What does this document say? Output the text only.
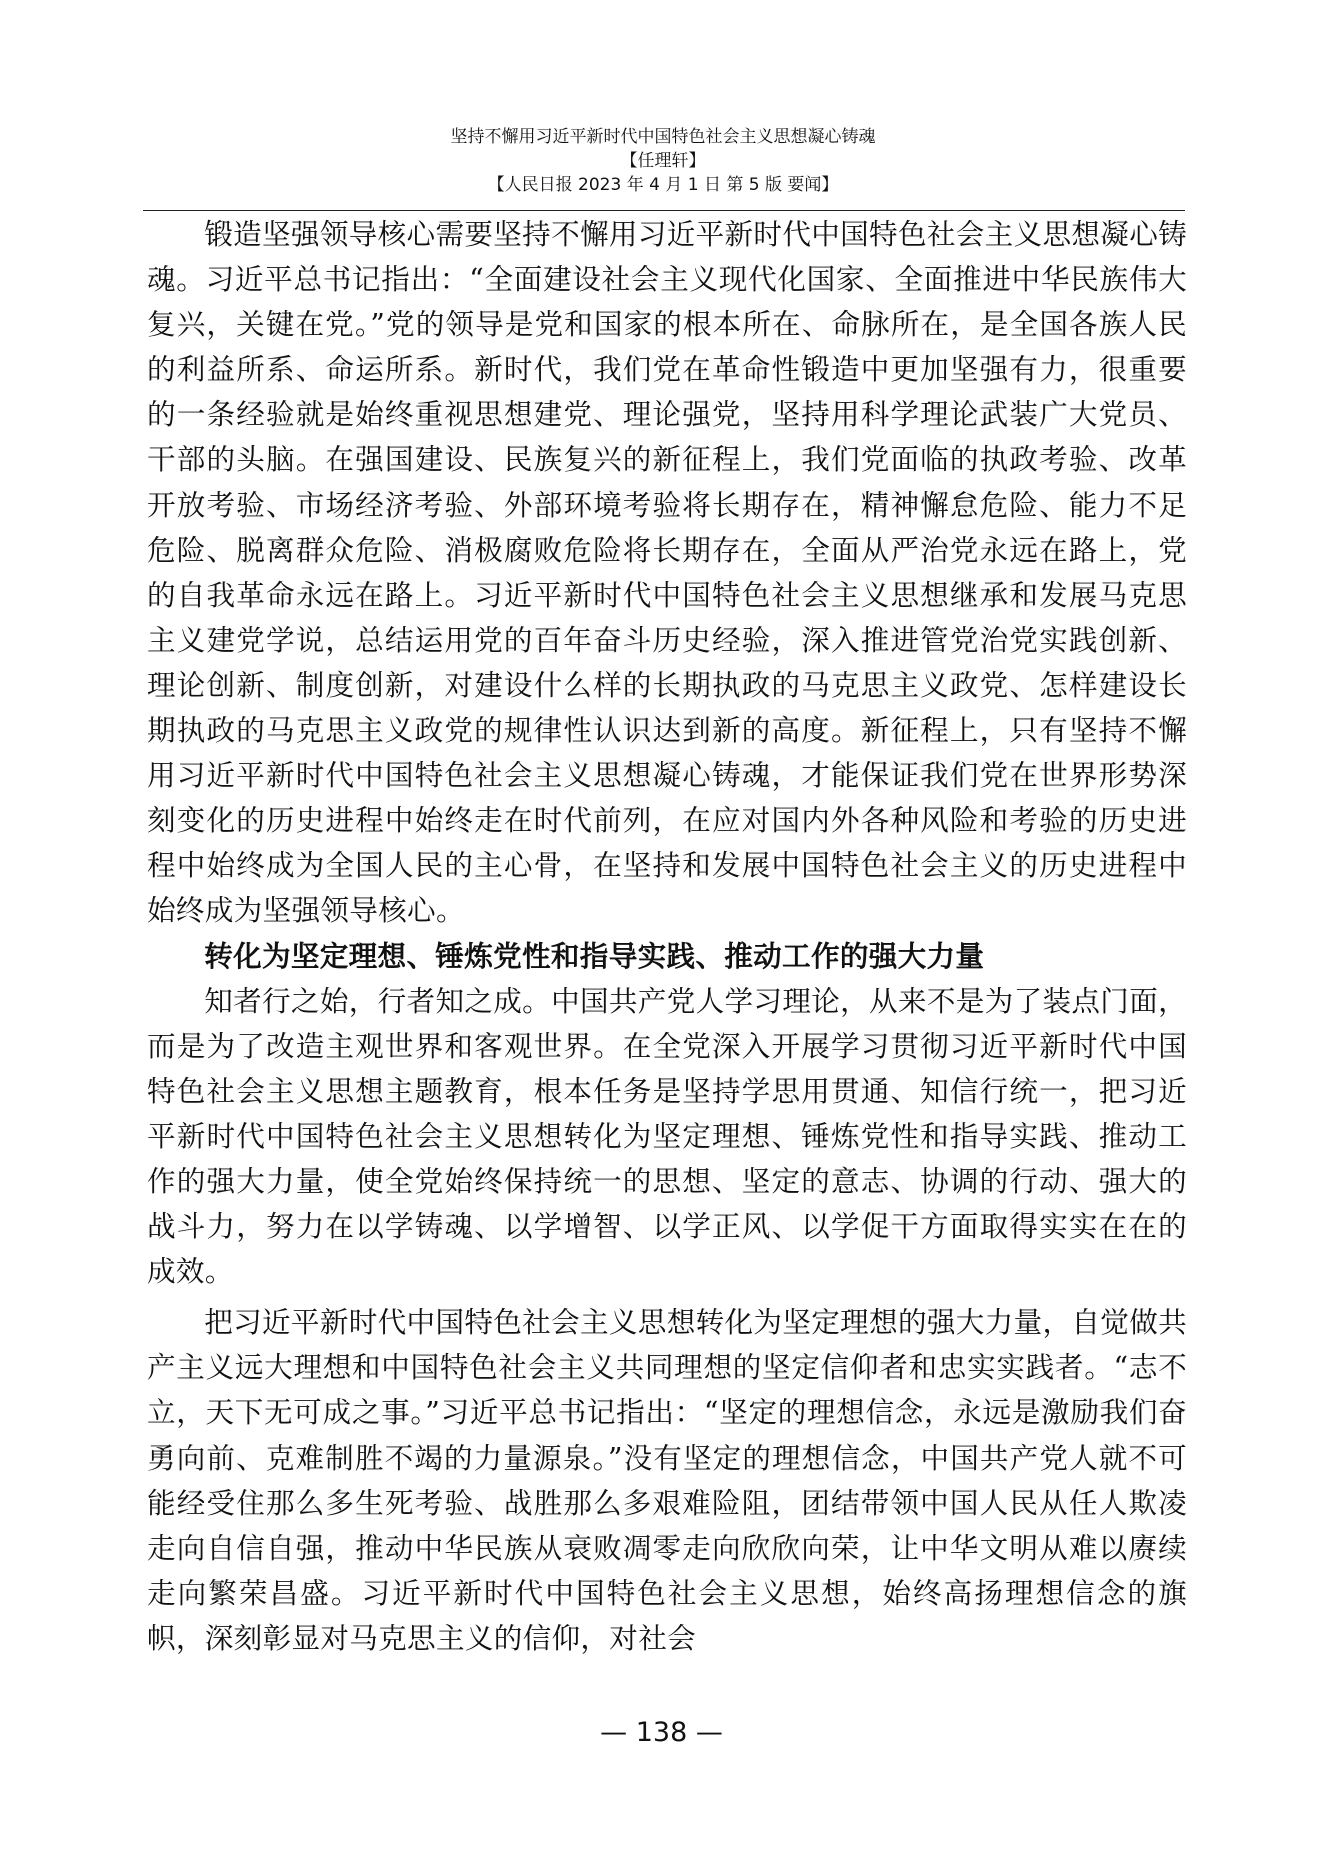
坚持不懈用习近平新时代中国特色社会主义思想凝心铸魂
【任理轩】
【人民日报 2023 年 4 月 1 日 第 5 版 要闻】

锻造坚强领导核心需要坚持不懈用习近平新时代中国特色社会主义思想凝心铸魂。习近平总书记指出：“全面建设社会主义现代化国家、全面推进中华民族伟大复兴，关键在党。”党的领导是党和国家的根本所在、命脉所在，是全国各族人民的利益所系、命运所系。新时代，我们党在革命性锻造中更加坚强有力，很重要的一条经验就是始终重视思想建党、理论强党，坚持用科学理论武装广大党员、干部的头脑。在强国建设、民族复兴的新征程上，我们党面临的执政考验、改革开放考验、市场经济考验、外部环境考验将长期存在，精神懈怠危险、能力不足危险、脱离群众危险、消极腐败危险将长期存在，全面从严治党永远在路上，党的自我革命永远在路上。习近平新时代中国特色社会主义思想继承和发展马克思主义建党学说，总结运用党的百年奋斗历史经验，深入推进管党治党实践创新、理论创新、制度创新，对建设什么样的长期执政的马克思主义政党、怎样建设长期执政的马克思主义政党的规律性认识达到新的高度。新征程上，只有坚持不懈用习近平新时代中国特色社会主义思想凝心铸魂，才能保证我们党在世界形势深刻变化的历史进程中始终走在时代前列，在应对国内外各种风险和考验的历史进程中始终成为全国人民的主心骨，在坚持和发展中国特色社会主义的历史进程中始终成为坚强领导核心。

转化为坚定理想、锤炼党性和指导实践、推动工作的强大力量

知者行之始，行者知之成。中国共产党人学习理论，从来不是为了装点门面，而是为了改造主观世界和客观世界。在全党深入开展学习贯彻习近平新时代中国特色社会主义思想主题教育，根本任务是坚持学思用贯通、知信行统一，把习近平新时代中国特色社会主义思想转化为坚定理想、锤炼党性和指导实践、推动工作的强大力量，使全党始终保持统一的思想、坚定的意志、协调的行动、强大的战斗力，努力在以学铸魂、以学增智、以学正风、以学促干方面取得实实在在的成效。

把习近平新时代中国特色社会主义思想转化为坚定理想的强大力量，自觉做共产主义远大理想和中国特色社会主义共同理想的坚定信仰者和忠实实践者。“志不立，天下无可成之事。”习近平总书记指出：“坚定的理想信念，永远是激励我们奋勇向前、克难制胜不竭的力量源泉。”没有坚定的理想信念，中国共产党人就不可能经受住那么多生死考验、战胜那么多艰难险阻，团结带领中国人民从任人欺凌走向自信自强，推动中华民族从衰败凋零走向欣欣向荣，让中华文明从难以赓续走向繁荣昌盛。习近平新时代中国特色社会主义思想，始终高扬理想信念的旗帜，深刻彰显对马克思主义的信仰，对社会

— 138 —
